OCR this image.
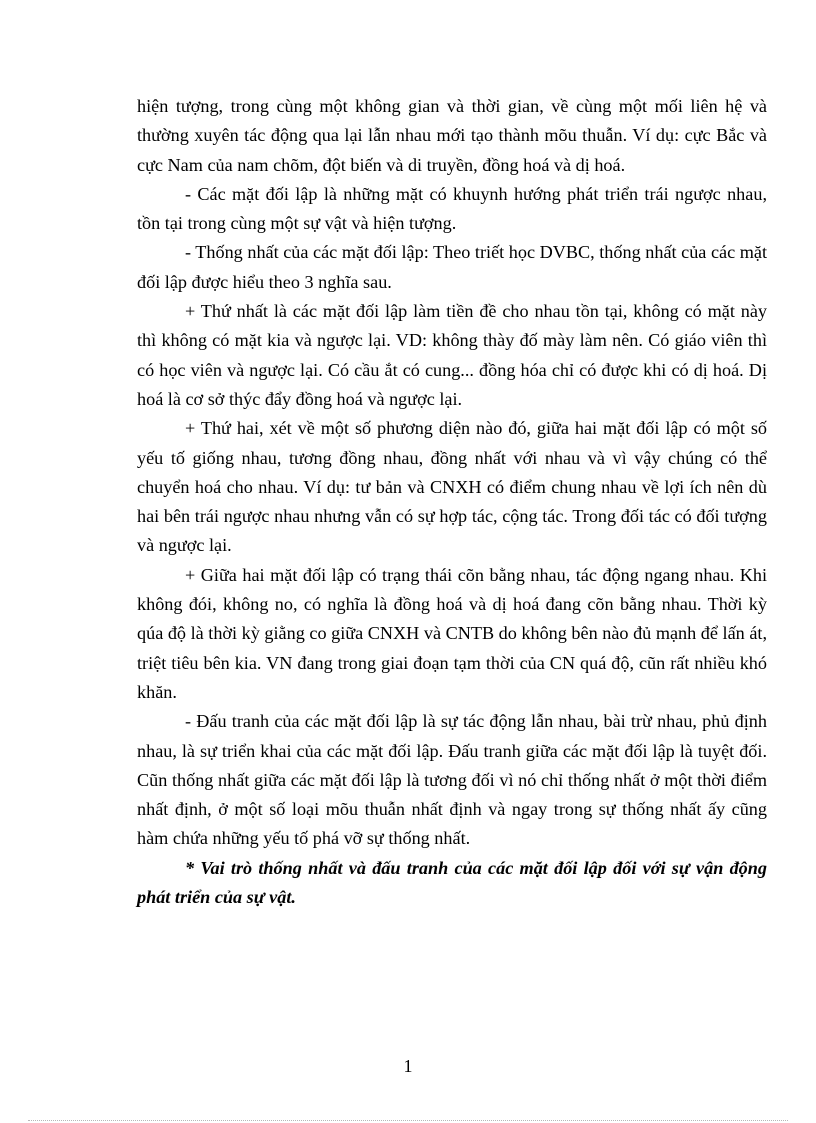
hiện tượng, trong cùng một không gian và thời gian, về cùng một mối liên hệ và thường xuyên tác động qua lại lẫn nhau mới tạo thành mõu thuẫn. Ví dụ: cực Bắc và cực Nam của nam chõm, đột biến và di truyền, đồng hoá và dị hoá.

- Các mặt đối lập là những mặt có khuynh hướng phát triển trái ngược nhau, tồn tại trong cùng một sự vật và hiện tượng.

- Thống nhất của các mặt đối lập: Theo triết học DVBC, thống nhất của các mặt đối lập được hiểu theo 3 nghĩa sau.

+ Thứ nhất là các mặt đối lập làm tiền đề cho nhau tồn tại, không có mặt này thì không có mặt kia và ngược lại. VD: không thày đố mày làm nên. Có giáo viên thì có học viên và ngược lại. Có cầu ắt có cung... đồng hóa chỉ có được khi có dị hoá. Dị hoá là cơ sở thýc đẩy đồng hoá và ngược lại.

+ Thứ hai, xét về một số phương diện nào đó, giữa hai mặt đối lập có một số yếu tố giống nhau, tương đồng nhau, đồng nhất với nhau và vì vậy chúng có thể chuyển hoá cho nhau. Ví dụ: tư bản và CNXH có điểm chung nhau về lợi ích nên dù hai bên trái ngược nhau nhưng vẫn có sự hợp tác, cộng tác. Trong đối tác có đối tượng và ngược lại.

+ Giữa hai mặt đối lập có trạng thái cõn bằng nhau, tác động ngang nhau. Khi không đói, không no, có nghĩa là đồng hoá và dị hoá đang cõn bằng nhau. Thời kỳ qúa độ là thời kỳ giằng co giữa CNXH và CNTB do không bên nào đủ mạnh để lấn át, triệt tiêu bên kia. VN đang trong giai đoạn tạm thời của CN quá độ, cũn rất nhiều khó khăn.

- Đấu tranh của các mặt đối lập là sự tác động lẫn nhau, bài trừ nhau, phủ định nhau, là sự triển khai của các mặt đối lập. Đấu tranh giữa các mặt đối lập là tuyệt đối. Cũn thống nhất giữa các mặt đối lập là tương đối vì nó chỉ thống nhất ở một thời điểm nhất định, ở một số loại mõu thuẫn nhất định và ngay trong sự thống nhất ấy cũng hàm chứa những yếu tố phá vỡ sự thống nhất.

* Vai trò thống nhất và đấu tranh của các mặt đối lập đối với sự vận động phát triển của sự vật.

1
